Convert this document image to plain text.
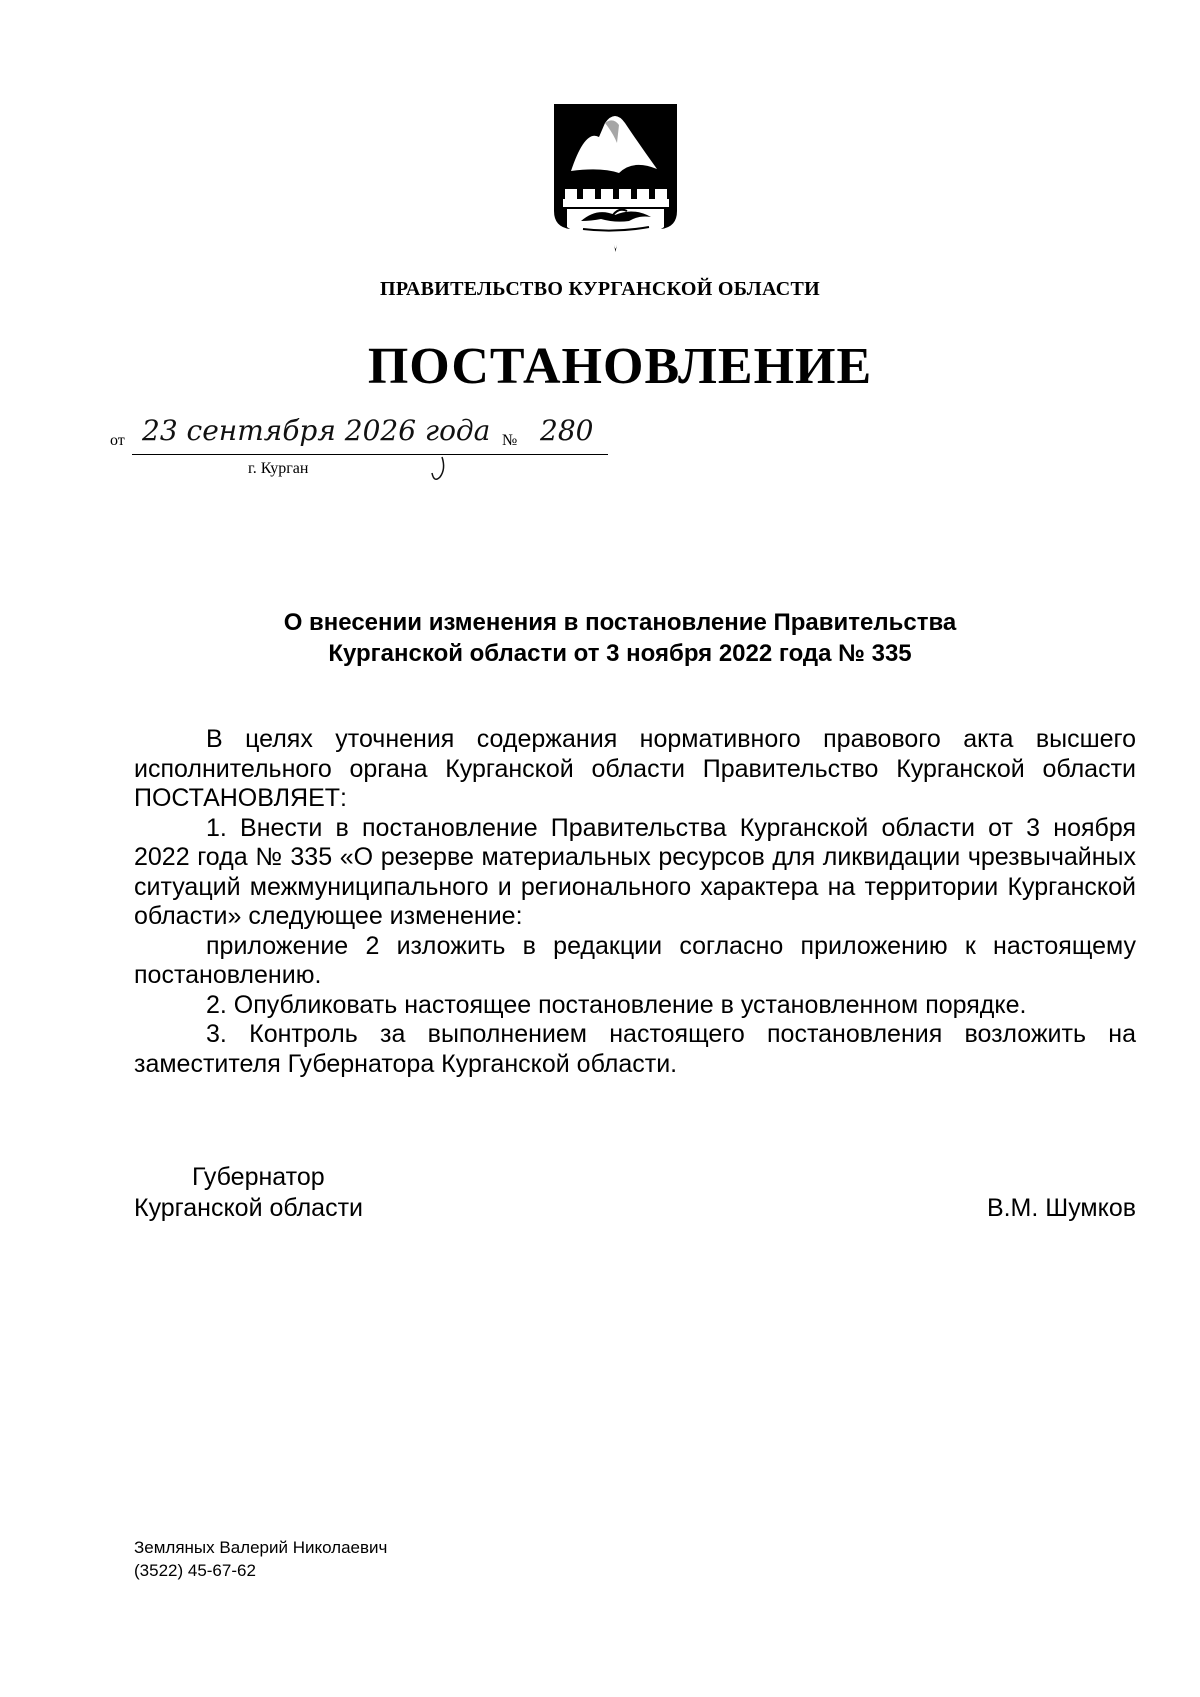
ПРАВИТЕЛЬСТВО КУРГАНСКОЙ ОБЛАСТИ
ПОСТАНОВЛЕНИЕ
от 23 сентября 2026 года № 280
г. Курган
О внесении изменения в постановление Правительства
Курганской области от 3 ноября 2022 года № 335

В целях уточнения содержания нормативного правового акта высшего исполнительного органа Курганской области Правительство Курганской области ПОСТАНОВЛЯЕТ:

1. Внести в постановление Правительства Курганской области от 3 ноября 2022 года № 335 «О резерве материальных ресурсов для ликвидации чрезвычайных ситуаций межмуниципального и регионального характера на территории Курганской области» следующее изменение:

приложение 2 изложить в редакции согласно приложению к настоящему постановлению.

2. Опубликовать настоящее постановление в установленном порядке.

3. Контроль за выполнением настоящего постановления возложить на заместителя Губернатора Курганской области.

Губернатор
Курганской области	В.М. Шумков
Земляных Валерий Николаевич
(3522) 45-67-62
